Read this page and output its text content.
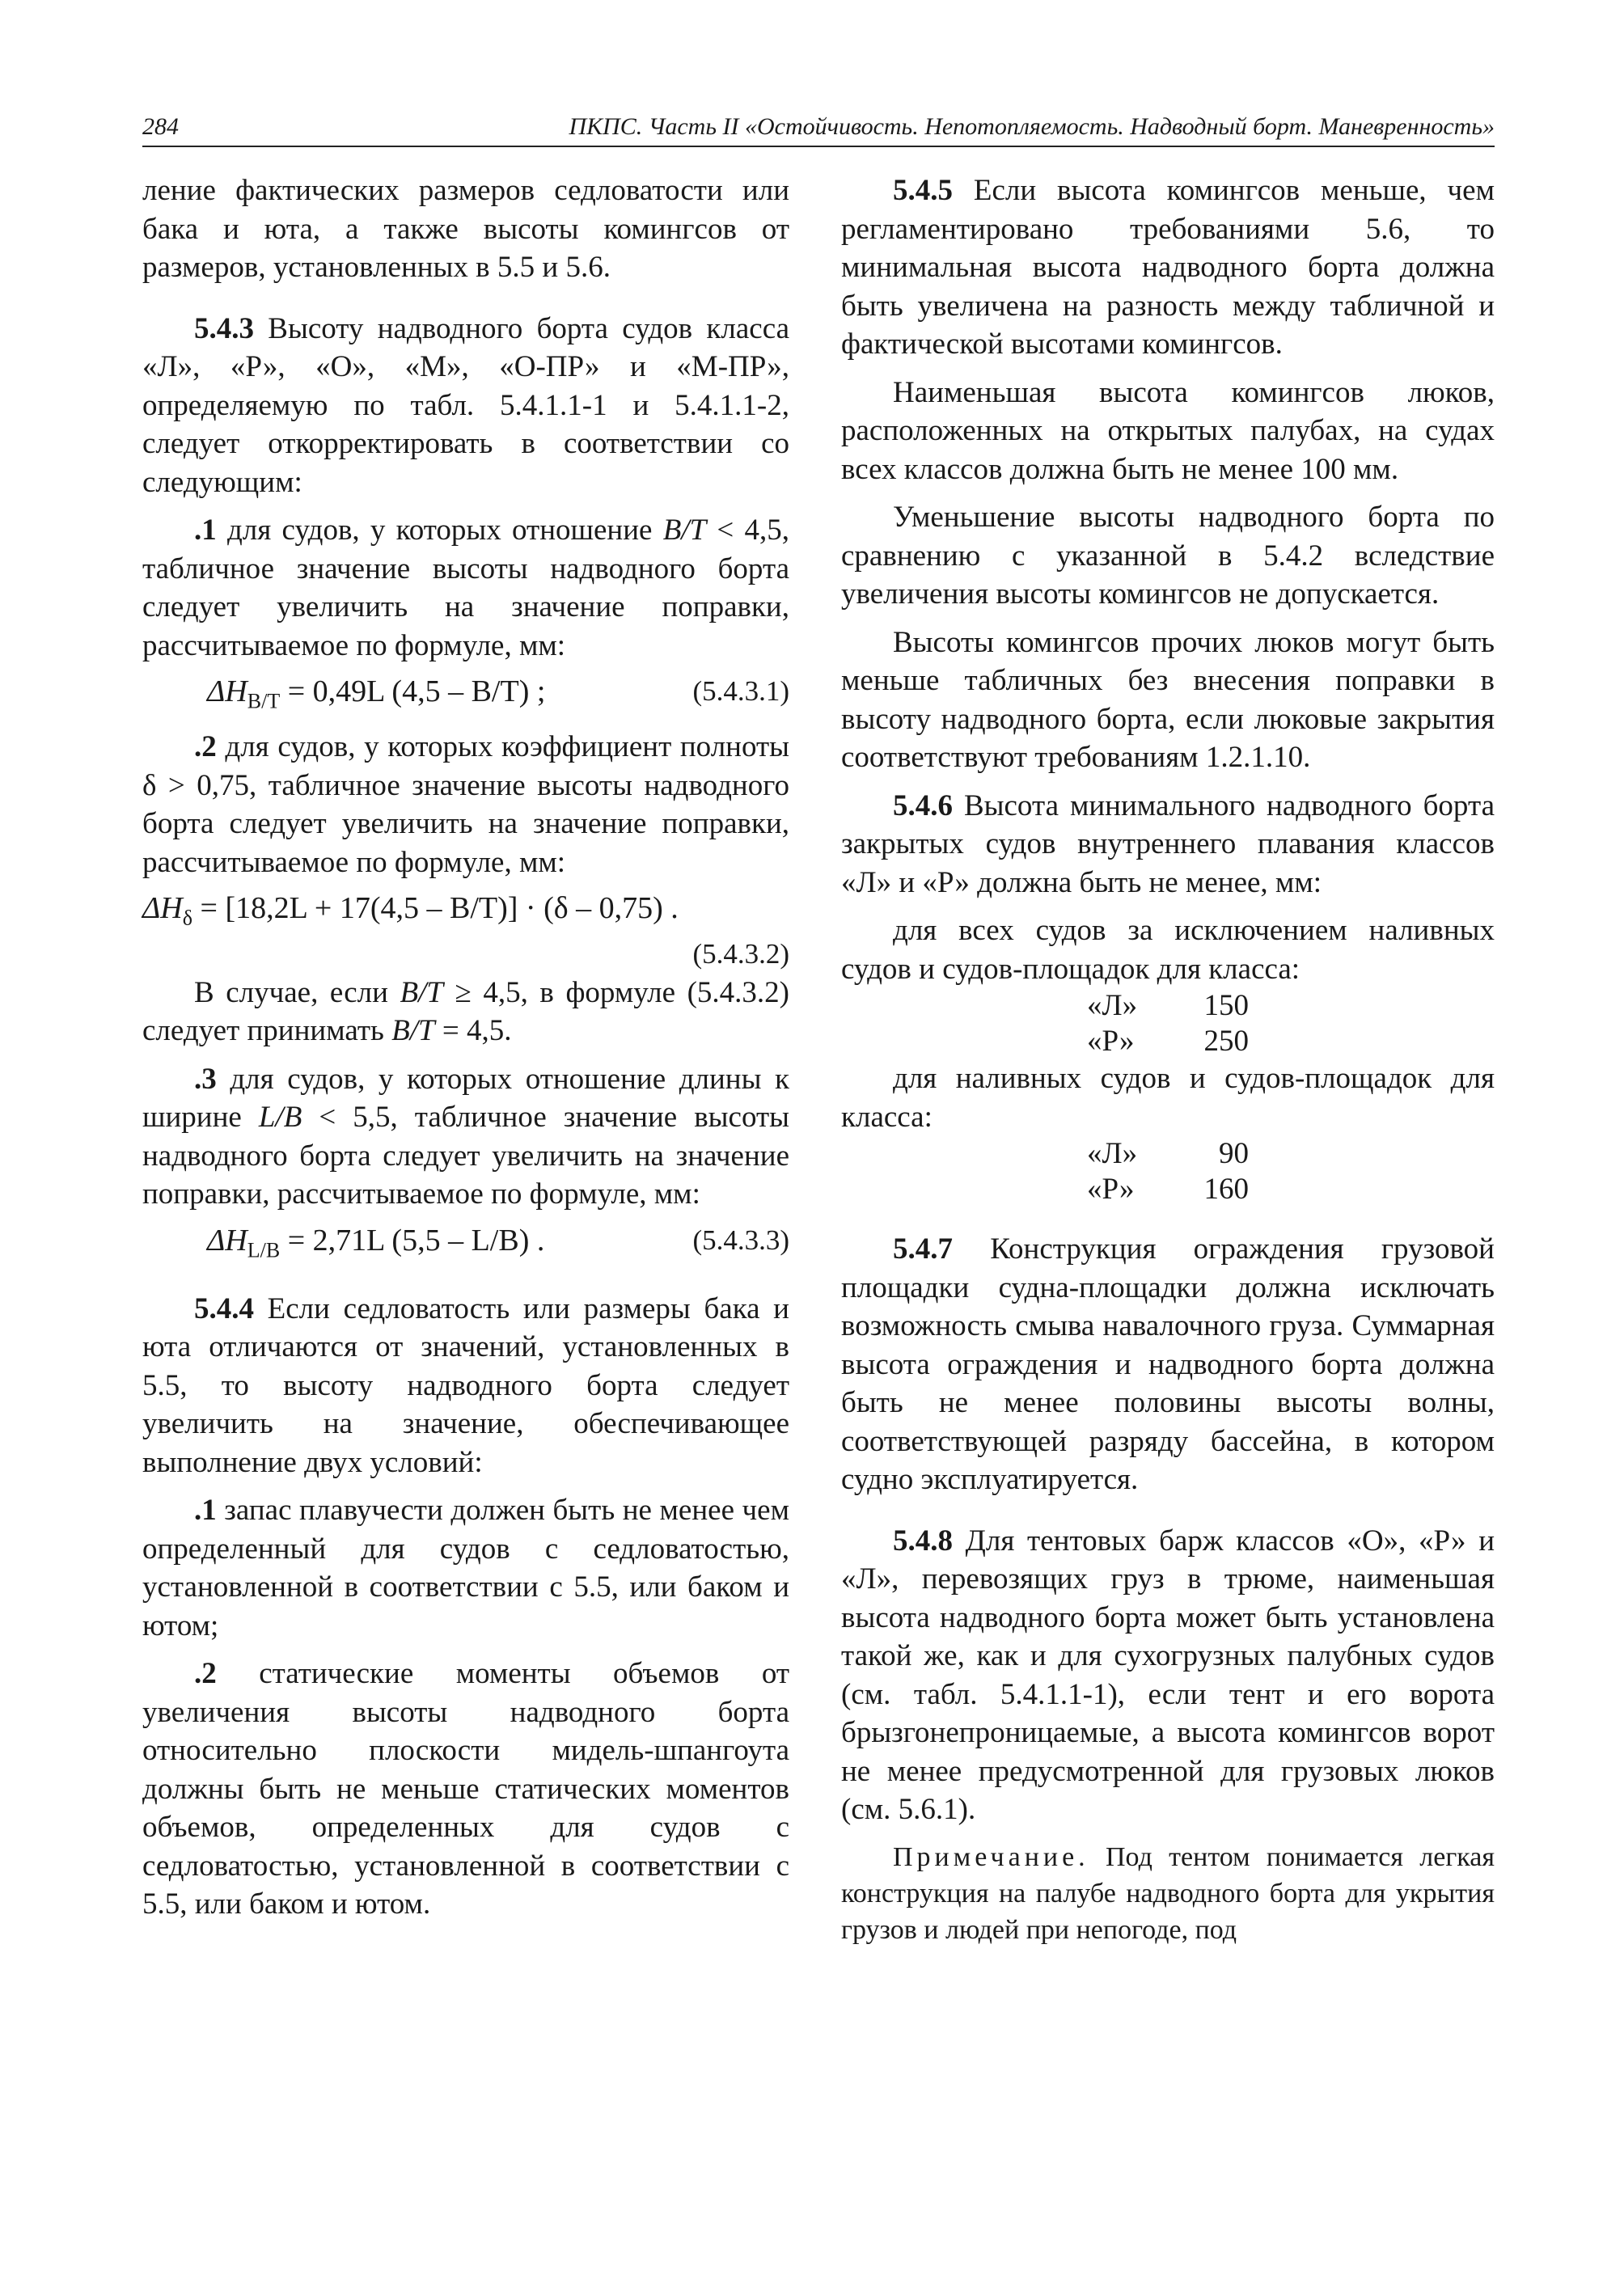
284	ПКПС. Часть II «Остойчивость. Непотопляемость. Надводный борт. Маневренность»

ление фактических размеров седловатости или бака и юта, а также высоты комингсов от размеров, установленных в 5.5 и 5.6.

5.4.3 Высоту надводного борта судов класса «Л», «Р», «О», «М», «О-ПР» и «М-ПР», определяемую по табл. 5.4.1.1-1 и 5.4.1.1-2, следует откорректировать в соответствии со следующим:

.1 для судов, у которых отношение B/T < 4,5, табличное значение высоты надводного борта следует увеличить на значение поправки, рассчитываемое по формуле, мм:

$\Delta H_{B/T} = 0,49L$ (4,5 – B/T) ;	(5.4.3.1)

.2 для судов, у которых коэффициент полноты δ > 0,75, табличное значение высоты надводного борта следует увеличить на значение поправки, рассчитываемое по формуле, мм:

$\Delta H_\delta = [18,2L + 17(4,5 - B/T)] \cdot (\delta - 0,75)$ .

(5.4.3.2)

В случае, если B/T ≥ 4,5, в формуле (5.4.3.2) следует принимать B/T = 4,5.

.3 для судов, у которых отношение длины к ширине L/B < 5,5, табличное значение высоты надводного борта следует увеличить на значение поправки, рассчитываемое по формуле, мм:

$\Delta H_{L/B} = 2,71L$ (5,5 – L/B) .	(5.4.3.3)

5.4.4 Если седловатость или размеры бака и юта отличаются от значений, установленных в 5.5, то высоту надводного борта следует увеличить на значение, обеспечивающее выполнение двух условий:

.1 запас плавучести должен быть не менее чем определенный для судов с седловатостью, установленной в соответствии с 5.5, или баком и ютом;

.2 статические моменты объемов от увеличения высоты надводного борта относительно плоскости мидель-шпангоута должны быть не меньше статических моментов объемов, определенных для судов с седловатостью, установленной в соответствии с 5.5, или баком и ютом.

5.4.5 Если высота комингсов меньше, чем регламентировано требованиями 5.6, то минимальная высота надводного борта должна быть увеличена на разность между табличной и фактической высотами комингсов.

Наименьшая высота комингсов люков, расположенных на открытых палубах, на судах всех классов должна быть не менее 100 мм.

Уменьшение высоты надводного борта по сравнению с указанной в 5.4.2 вследствие увеличения высоты комингсов не допускается.

Высоты комингсов прочих люков могут быть меньше табличных без внесения поправки в высоту надводного борта, если люковые закрытия соответствуют требованиям 1.2.1.10.

5.4.6 Высота минимального надводного борта закрытых судов внутреннего плавания классов «Л» и «Р» должна быть не менее, мм:

для всех судов за исключением наливных судов и судов-площадок для класса:

«Л»	150
«Р»	250

для наливных судов и судов-площадок для класса:

«Л»	90
«Р»	160

5.4.7 Конструкция ограждения грузовой площадки судна-площадки должна исключать возможность смыва навалочного груза. Суммарная высота ограждения и надводного борта должна быть не менее половины высоты волны, соответствующей разряду бассейна, в котором судно эксплуатируется.

5.4.8 Для тентовых барж классов «О», «Р» и «Л», перевозящих груз в трюме, наименьшая высота надводного борта может быть установлена такой же, как и для сухогрузных палубных судов (см. табл. 5.4.1.1-1), если тент и его ворота брызгонепроницаемые, а высота комингсов ворот не менее предусмотренной для грузовых люков (см. 5.6.1).

Примечание. Под тентом понимается легкая конструкция на палубе надводного борта для укрытия грузов и людей при непогоде, под
